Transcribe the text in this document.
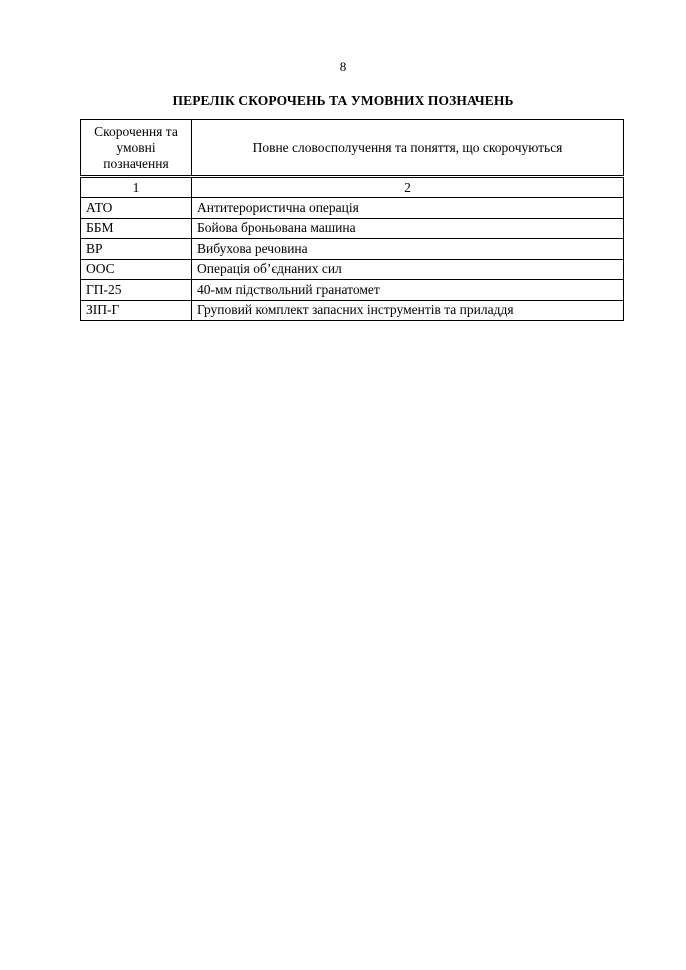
8
ПЕРЕЛІК СКОРОЧЕНЬ ТА УМОВНИХ ПОЗНАЧЕНЬ
Скорочення та умовні позначення	Повне словосполучення та поняття, що скорочуються
1	2
АТО	Антитерористична операція
ББМ	Бойова броньована машина
ВР	Вибухова речовина
ООС	Операція об’єднаних сил
ГП-25	40-мм підствольний гранатомет
ЗІП-Г	Груповий комплект запасних інструментів та приладдя
